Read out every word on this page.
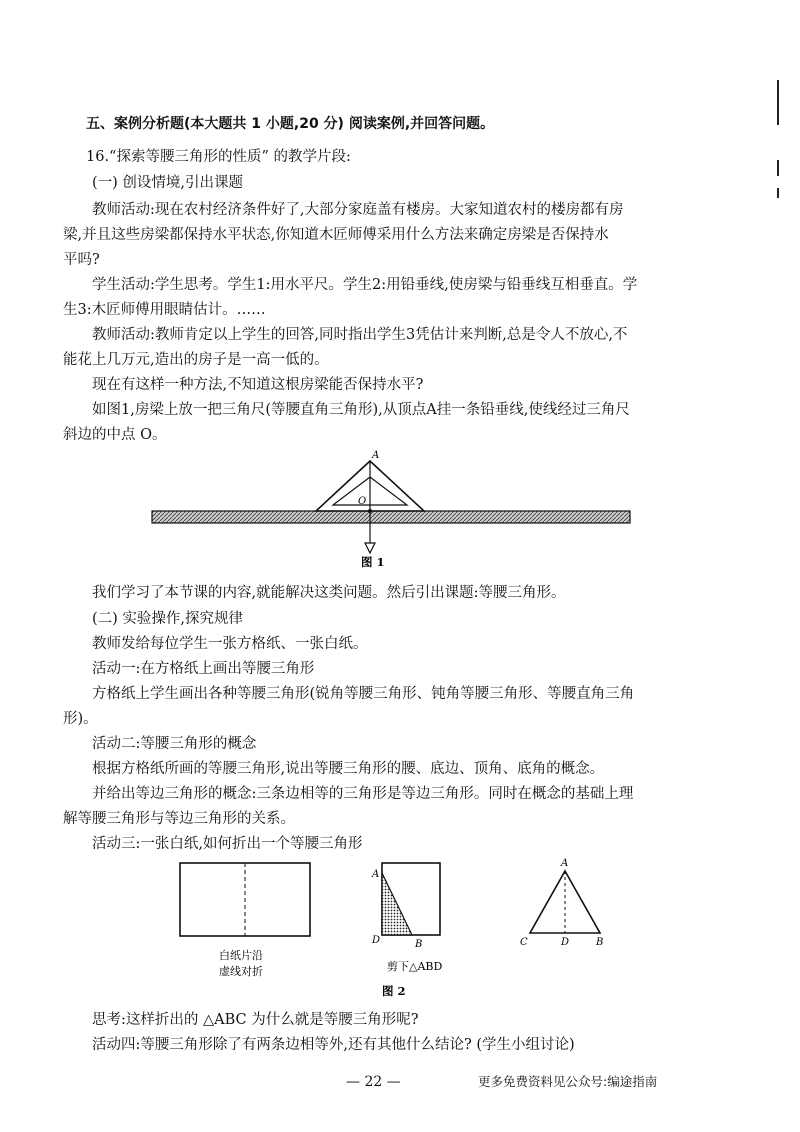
五、案例分析题(本大题共 1 小题,20 分) 阅读案例,并回答问题。
16.“探索等腰三角形的性质” 的教学片段:
(一) 创设情境,引出课题
教师活动:现在农村经济条件好了,大部分家庭盖有楼房。大家知道农村的楼房都有房
梁,并且这些房梁都保持水平状态,你知道木匠师傅采用什么方法来确定房梁是否保持水
平吗?
学生活动:学生思考。学生1:用水平尺。学生2:用铅垂线,使房梁与铅垂线互相垂直。学
生3:木匠师傅用眼睛估计。……
教师活动:教师肯定以上学生的回答,同时指出学生3凭估计来判断,总是令人不放心,不
能花上几万元,造出的房子是一高一低的。
现在有这样一种方法,不知道这根房梁能否保持水平?
如图1,房梁上放一把三角尺(等腰直角三角形),从顶点A挂一条铅垂线,使线经过三角尺
斜边的中点 O。
A
O
图 1
我们学习了本节课的内容,就能解决这类问题。然后引出课题:等腰三角形。
(二) 实验操作,探究规律
教师发给每位学生一张方格纸、一张白纸。
活动一:在方格纸上画出等腰三角形
方格纸上学生画出各种等腰三角形(锐角等腰三角形、钝角等腰三角形、等腰直角三角
形)。
活动二:等腰三角形的概念
根据方格纸所画的等腰三角形,说出等腰三角形的腰、底边、顶角、底角的概念。
并给出等边三角形的概念:三条边相等的三角形是等边三角形。同时在概念的基础上理
解等腰三角形与等边三角形的关系。
活动三:一张白纸,如何折出一个等腰三角形
白纸片沿
虚线对折
A
D	B
剪下△ABD
A
C	D	B
图 2
思考:这样折出的 △ABC 为什么就是等腰三角形呢?
活动四:等腰三角形除了有两条边相等外,还有其他什么结论? (学生小组讨论)
— 22 —	更多免费资料见公众号:编途指南
